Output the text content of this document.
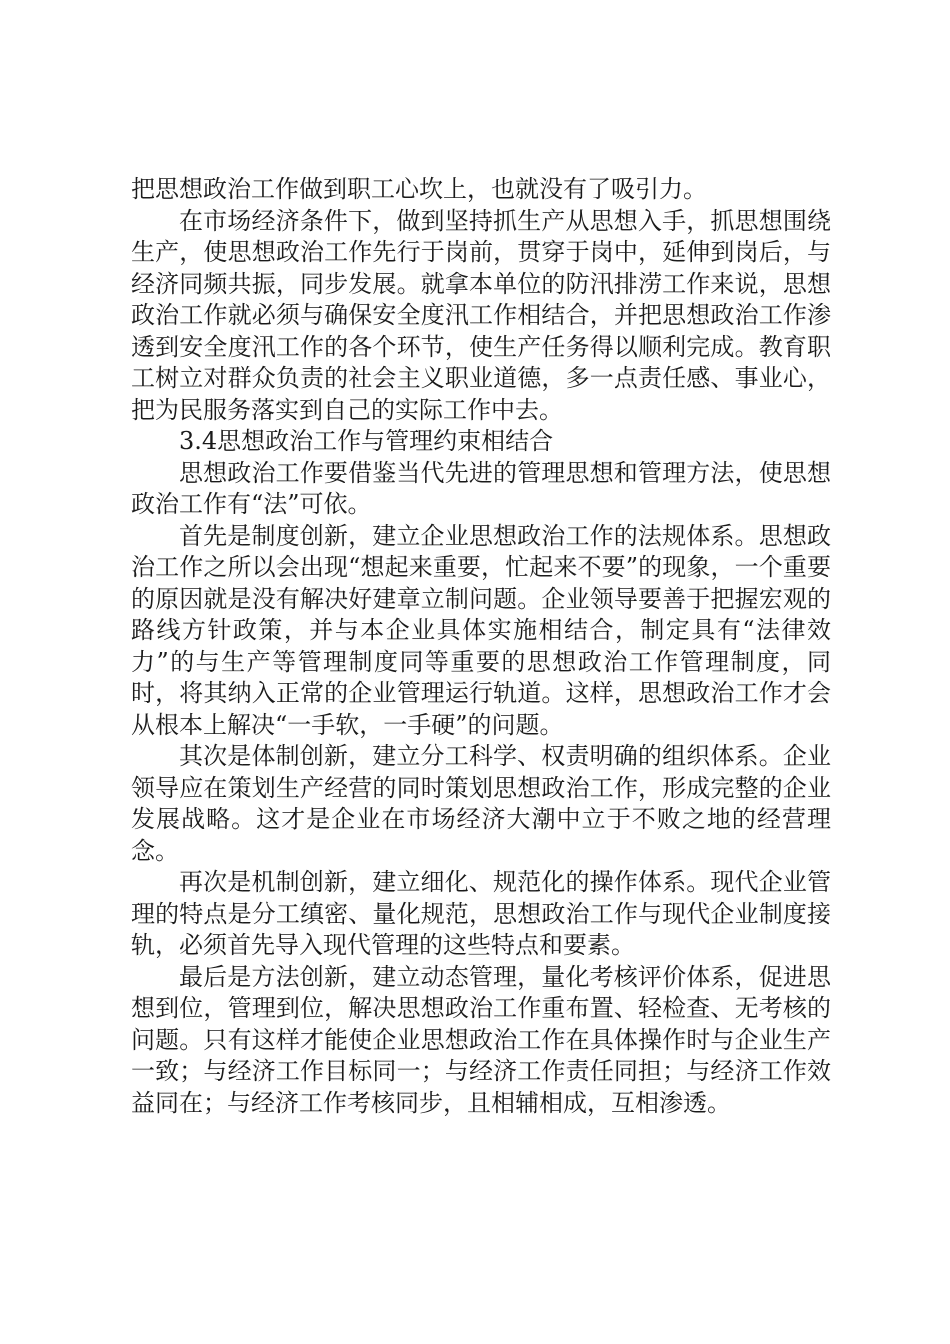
把思想政治工作做到职工心坎上，也就没有了吸引力。

在市场经济条件下，做到坚持抓生产从思想入手，抓思想围绕生产，使思想政治工作先行于岗前，贯穿于岗中，延伸到岗后，与经济同频共振，同步发展。就拿本单位的防汛排涝工作来说，思想政治工作就必须与确保安全度汛工作相结合，并把思想政治工作渗透到安全度汛工作的各个环节，使生产任务得以顺利完成。教育职工树立对群众负责的社会主义职业道德，多一点责任感、事业心，把为民服务落实到自己的实际工作中去。

3.4思想政治工作与管理约束相结合

思想政治工作要借鉴当代先进的管理思想和管理方法，使思想政治工作有“法”可依。

首先是制度创新，建立企业思想政治工作的法规体系。思想政治工作之所以会出现“想起来重要，忙起来不要”的现象，一个重要的原因就是没有解决好建章立制问题。企业领导要善于把握宏观的路线方针政策，并与本企业具体实施相结合，制定具有“法律效力”的与生产等管理制度同等重要的思想政治工作管理制度，同时，将其纳入正常的企业管理运行轨道。这样，思想政治工作才会从根本上解决“一手软，一手硬”的问题。

其次是体制创新，建立分工科学、权责明确的组织体系。企业领导应在策划生产经营的同时策划思想政治工作，形成完整的企业发展战略。这才是企业在市场经济大潮中立于不败之地的经营理念。

再次是机制创新，建立细化、规范化的操作体系。现代企业管理的特点是分工缜密、量化规范，思想政治工作与现代企业制度接轨，必须首先导入现代管理的这些特点和要素。

最后是方法创新，建立动态管理，量化考核评价体系，促进思想到位，管理到位，解决思想政治工作重布置、轻检查、无考核的问题。只有这样才能使企业思想政治工作在具体操作时与企业生产一致；与经济工作目标同一；与经济工作责任同担；与经济工作效益同在；与经济工作考核同步，且相辅相成，互相渗透。
